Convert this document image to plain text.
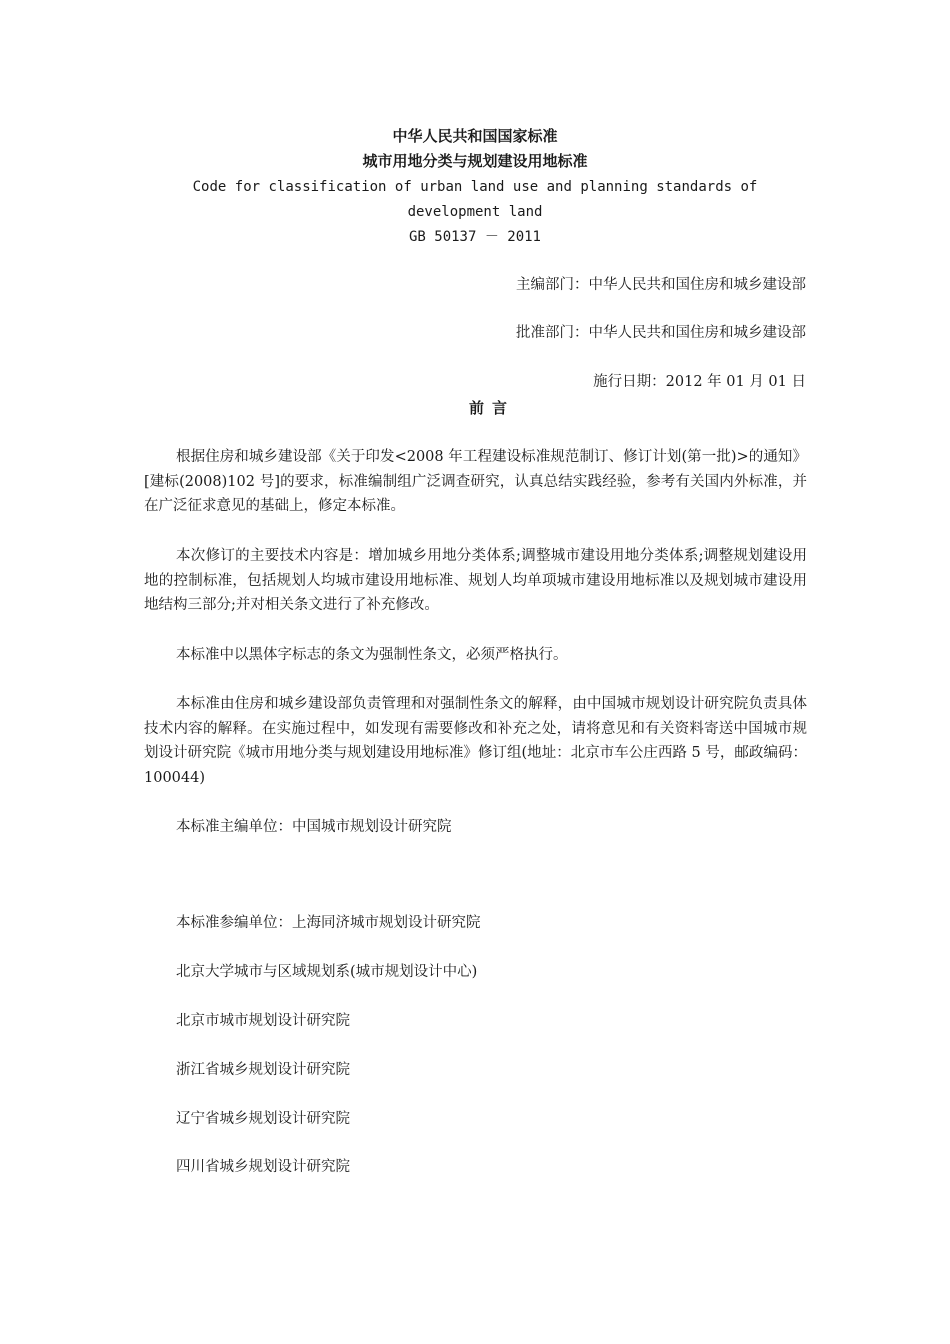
中华人民共和国国家标准
城市用地分类与规划建设用地标准
Code for classification of urban land use and planning standards of
development land
GB 50137 － 2011
主编部门：中华人民共和国住房和城乡建设部
批准部门：中华人民共和国住房和城乡建设部
施行日期：2012 年 01 月 01 日
前言

根据住房和城乡建设部《关于印发<2008 年工程建设标准规范制订、修订计划(第一批)>的通知》[建标(2008)102 号]的要求，标准编制组广泛调查研究，认真总结实践经验，参考有关国内外标准，并在广泛征求意见的基础上，修定本标准。

本次修订的主要技术内容是：增加城乡用地分类体系;调整城市建设用地分类体系;调整规划建设用地的控制标准，包括规划人均城市建设用地标准、规划人均单项城市建设用地标准以及规划城市建设用地结构三部分;并对相关条文进行了补充修改。

本标准中以黑体字标志的条文为强制性条文，必须严格执行。

本标准由住房和城乡建设部负责管理和对强制性条文的解释，由中国城市规划设计研究院负责具体技术内容的解释。在实施过程中，如发现有需要修改和补充之处，请将意见和有关资料寄送中国城市规划设计研究院《城市用地分类与规划建设用地标准》修订组(地址：北京市车公庄西路 5 号，邮政编码：100044)

本标准主编单位：中国城市规划设计研究院

本标准参编单位：上海同济城市规划设计研究院
北京大学城市与区域规划系(城市规划设计中心)
北京市城市规划设计研究院
浙江省城乡规划设计研究院
辽宁省城乡规划设计研究院
四川省城乡规划设计研究院
